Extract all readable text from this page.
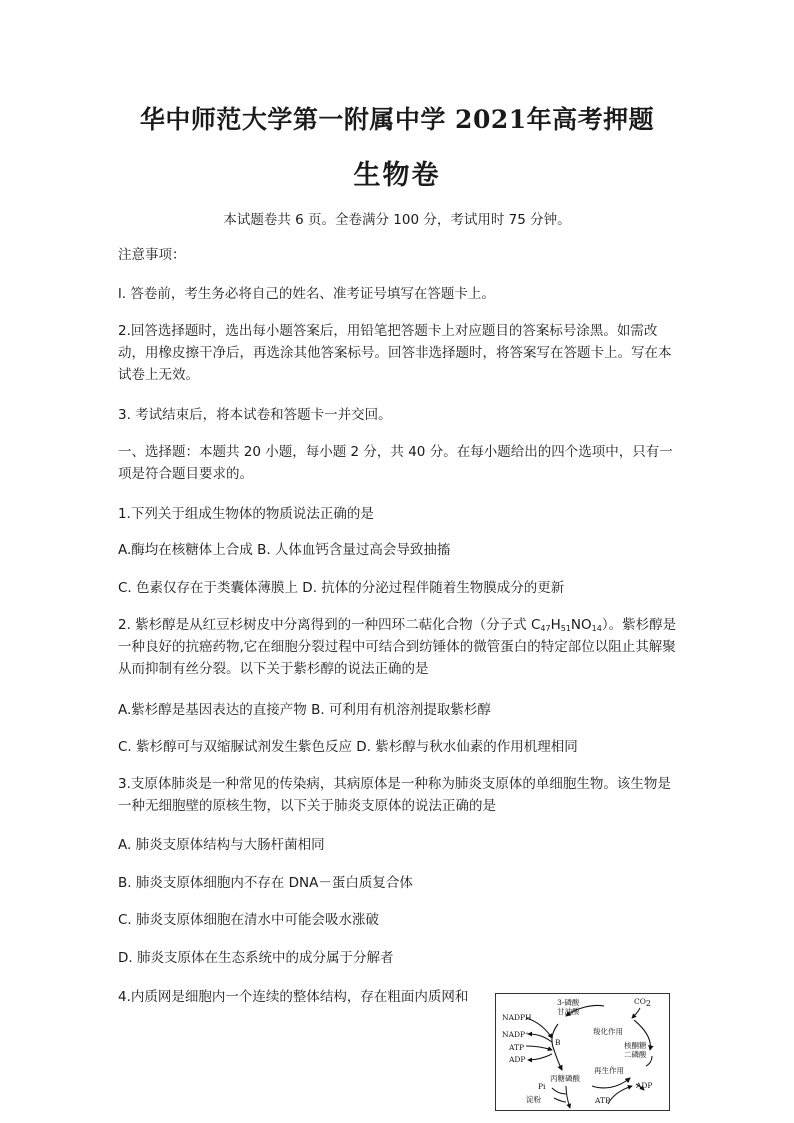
华中师范大学第一附属中学 2021年高考押题
生物卷
本试题卷共 6 页。全卷满分 100 分，考试用时 75 分钟。
注意事项：
l. 答卷前，考生务必将自己的姓名、准考证号填写在答题卡上。
2.回答选择题时，选出每小题答案后，用铅笔把答题卡上对应题目的答案标号涂黑。如需改动，用橡皮擦干净后，再选涂其他答案标号。回答非选择题时，将答案写在答题卡上。写在本试卷上无效。
3. 考试结束后，将本试卷和答题卡一并交回。
一、选择题：本题共 20 小题，每小题 2 分，共 40 分。在每小题给出的四个选项中，只有一项是符合题目要求的。
1.下列关于组成生物体的物质说法正确的是
A.酶均在核糖体上合成 B. 人体血钙含量过高会导致抽搐
C. 色素仅存在于类囊体薄膜上 D. 抗体的分泌过程伴随着生物膜成分的更新
2. 紫杉醇是从红豆杉树皮中分离得到的一种四环二萜化合物（分子式 $C_{47}H_{51}NO_{14}$）。紫杉醇是一种良好的抗癌药物,它在细胞分裂过程中可结合到纺锤体的微管蛋白的特定部位以阻止其解聚从而抑制有丝分裂。以下关于紫杉醇的说法正确的是
A.紫杉醇是基因表达的直接产物 B. 可利用有机溶剂提取紫杉醇
C. 紫杉醇可与双缩脲试剂发生紫色反应 D. 紫杉醇与秋水仙素的作用机理相同
3.支原体肺炎是一种常见的传染病，其病原体是一种称为肺炎支原体的单细胞生物。该生物是一种无细胞壁的原核生物，以下关于肺炎支原体的说法正确的是
A. 肺炎支原体结构与大肠杆菌相同
B. 肺炎支原体细胞内不存在 DNA－蛋白质复合体
C. 肺炎支原体细胞在清水中可能会吸水涨破
D. 肺炎支原体在生态系统中的成分属于分解者
4.内质网是细胞内一个连续的整体结构，存在粗面内质网和	3-磷酸
甘油酸
$CO_2$
羧化作用
核酮糖
二磷酸
再生作用
NADPH
NADP⁺
ATP
ADP
B
丙糖磷酸
ADP
Pi
淀粉	ATP
